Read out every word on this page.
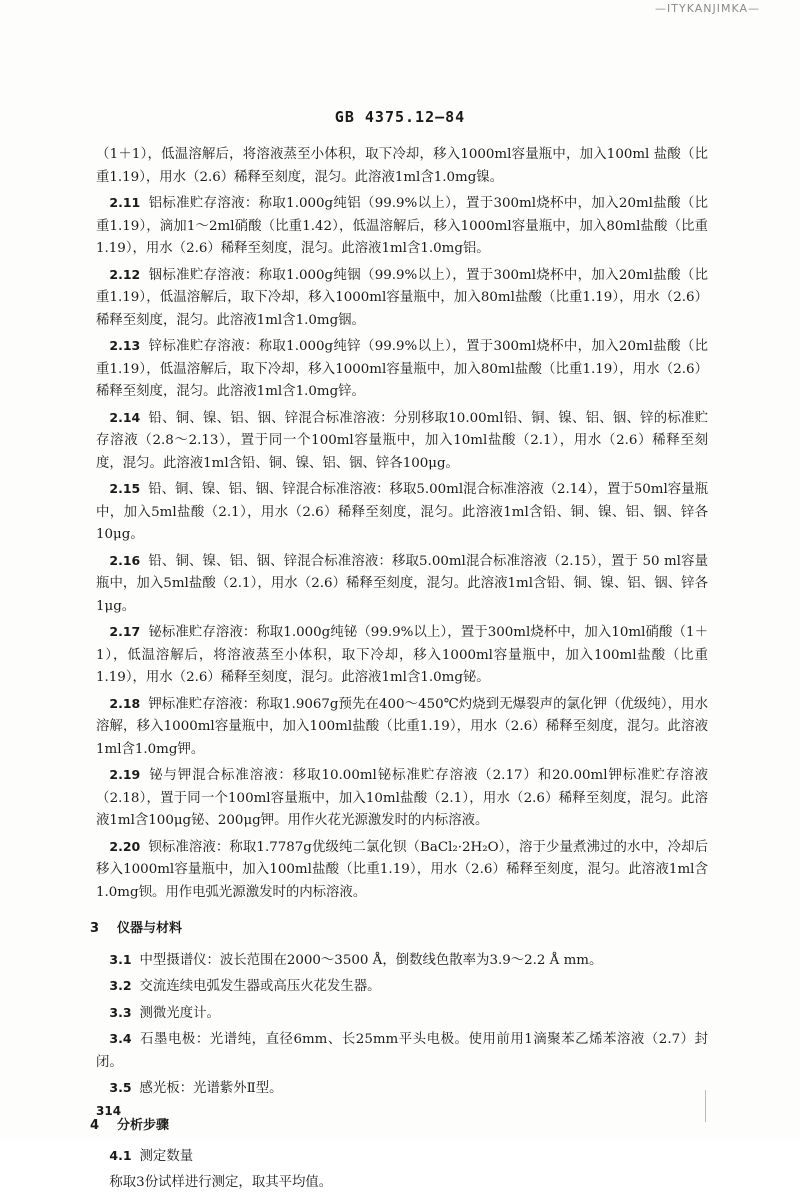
—ITYKANJIMKA—
GB 4375.12—84

（1＋1），低温溶解后，将溶液蒸至小体积，取下冷却，移入1000ml容量瓶中，加入100ml 盐酸（比重1.19），用水（2.6）稀释至刻度，混匀。此溶液1ml含1.0mg镍。

2.11 铝标准贮存溶液：称取1.000g纯铝（99.9%以上），置于300ml烧杯中，加入20ml盐酸（比重1.19），滴加1～2ml硝酸（比重1.42），低温溶解后，移入1000ml容量瓶中，加入80ml盐酸（比重1.19），用水（2.6）稀释至刻度，混匀。此溶液1ml含1.0mg铝。

2.12 铟标准贮存溶液：称取1.000g纯铟（99.9%以上），置于300ml烧杯中，加入20ml盐酸（比重1.19），低温溶解后，取下冷却，移入1000ml容量瓶中，加入80ml盐酸（比重1.19），用水（2.6）稀释至刻度，混匀。此溶液1ml含1.0mg铟。

2.13 锌标准贮存溶液：称取1.000g纯锌（99.9%以上），置于300ml烧杯中，加入20ml盐酸（比重1.19），低温溶解后，取下冷却，移入1000ml容量瓶中，加入80ml盐酸（比重1.19），用水（2.6）稀释至刻度，混匀。此溶液1ml含1.0mg锌。

2.14 铅、铜、镍、铝、铟、锌混合标准溶液：分别移取10.00ml铅、铜、镍、铝、铟、锌的标准贮存溶液（2.8～2.13），置于同一个100ml容量瓶中，加入10ml盐酸（2.1），用水（2.6）稀释至刻度，混匀。此溶液1ml含铅、铜、镍、铝、铟、锌各100μg。

2.15 铅、铜、镍、铝、铟、锌混合标准溶液：移取5.00ml混合标准溶液（2.14），置于50ml容量瓶中，加入5ml盐酸（2.1），用水（2.6）稀释至刻度，混匀。此溶液1ml含铅、铜、镍、铝、铟、锌各10μg。

2.16 铅、铜、镍、铝、铟、锌混合标准溶液：移取5.00ml混合标准溶液（2.15），置于 50 ml容量瓶中，加入5ml盐酸（2.1），用水（2.6）稀释至刻度，混匀。此溶液1ml含铅、铜、镍、铝、铟、锌各1μg。

2.17 铋标准贮存溶液：称取1.000g纯铋（99.9%以上），置于300ml烧杯中，加入10ml硝酸（1＋1），低温溶解后，将溶液蒸至小体积，取下冷却，移入1000ml容量瓶中，加入100ml盐酸（比重1.19），用水（2.6）稀释至刻度，混匀。此溶液1ml含1.0mg铋。

2.18 钾标准贮存溶液：称取1.9067g预先在400～450℃灼烧到无爆裂声的氯化钾（优级纯），用水溶解，移入1000ml容量瓶中，加入100ml盐酸（比重1.19），用水（2.6）稀释至刻度，混匀。此溶液1ml含1.0mg钾。

2.19 铋与钾混合标准溶液：移取10.00ml铋标准贮存溶液（2.17）和20.00ml钾标准贮存溶液（2.18），置于同一个100ml容量瓶中，加入10ml盐酸（2.1），用水（2.6）稀释至刻度，混匀。此溶液1ml含100μg铋、200μg钾。用作火花光源激发时的内标溶液。

2.20 钡标准溶液：称取1.7787g优级纯二氯化钡（BaCl₂·2H₂O），溶于少量煮沸过的水中，冷却后移入1000ml容量瓶中，加入100ml盐酸（比重1.19），用水（2.6）稀释至刻度，混匀。此溶液1ml含1.0mg钡。用作电弧光源激发时的内标溶液。

3 仪器与材料

3.1 中型摄谱仪：波长范围在2000～3500 Å，倒数线色散率为3.9～2.2 Å mm。

3.2 交流连续电弧发生器或高压火花发生器。

3.3 测微光度计。

3.4 石墨电极：光谱纯，直径6mm、长25mm平头电极。使用前用1滴聚苯乙烯苯溶液（2.7）封闭。

3.5 感光板：光谱紫外Ⅱ型。

4 分析步骤

4.1 测定数量

称取3份试样进行测定，取其平均值。

314
